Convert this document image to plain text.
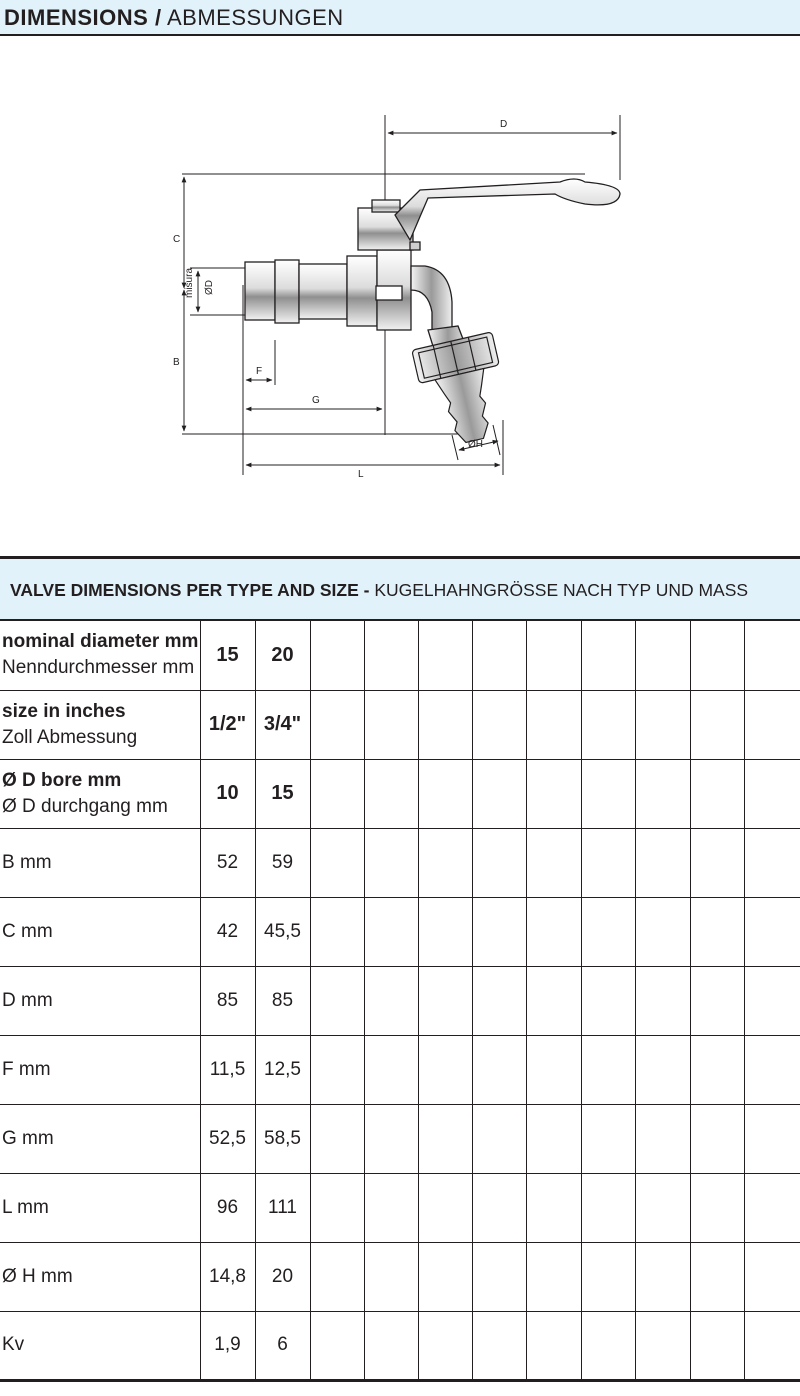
DIMENSIONS / ABMESSUNGEN
D
C
B
misura ØD
F
G
L
ØH
VALVE DIMENSIONS PER TYPE AND SIZE - KUGELHAHNGRÖSSE NACH TYP UND MASS
nominal diameter mm
Nenndurchmesser mm	15	20									

size in inches
Zoll Abmessung	1/2"	3/4"									

Ø D bore mm
Ø D durchgang mm	10	15									

B mm	52	59									

C mm	42	45,5									

D mm	85	85									

F mm	11,5	12,5									

G mm	52,5	58,5									

L mm	96	111									

Ø H mm	14,8	20									

Kv	1,9	6									
